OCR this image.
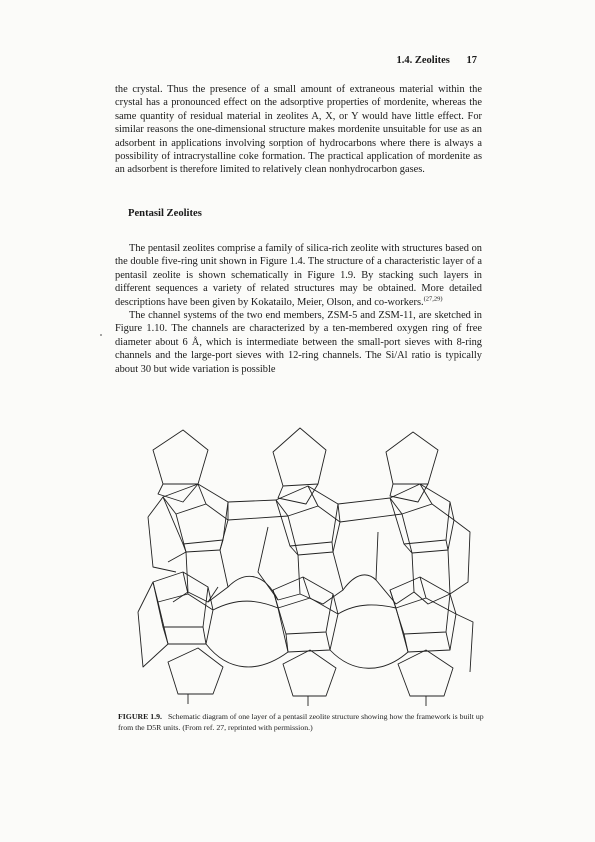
1.4. Zeolites 17

the crystal. Thus the presence of a small amount of extraneous material within the crystal has a pronounced effect on the adsorptive properties of mordenite, whereas the same quantity of residual material in zeolites A, X, or Y would have little effect. For similar reasons the one-dimensional structure makes mordenite unsuitable for use as an adsorbent in applications involving sorption of hydrocarbons where there is always a possibility of intracrystalline coke formation. The practical application of mordenite as an adsorbent is therefore limited to relatively clean nonhydrocarbon gases.

Pentasil Zeolites

The pentasil zeolites comprise a family of silica-rich zeolite with structures based on the double five-ring unit shown in Figure 1.4. The structure of a characteristic layer of a pentasil zeolite is shown schematically in Figure 1.9. By stacking such layers in different sequences a variety of related structures may be obtained. More detailed descriptions have been given by Kokatailo, Meier, Olson, and co-workers.$^{(27,29)}$

The channel systems of the two end members, ZSM-5 and ZSM-11, are sketched in Figure 1.10. The channels are characterized by a ten-membered oxygen ring of free diameter about 6 Å, which is intermediate between the small-port sieves with 8-ring channels and the large-port sieves with 12-ring channels. The Si/Al ratio is typically about 30 but wide variation is possible

FIGURE 1.9. Schematic diagram of one layer of a pentasil zeolite structure showing how the framework is built up from the D5R units. (From ref. 27, reprinted with permission.)
